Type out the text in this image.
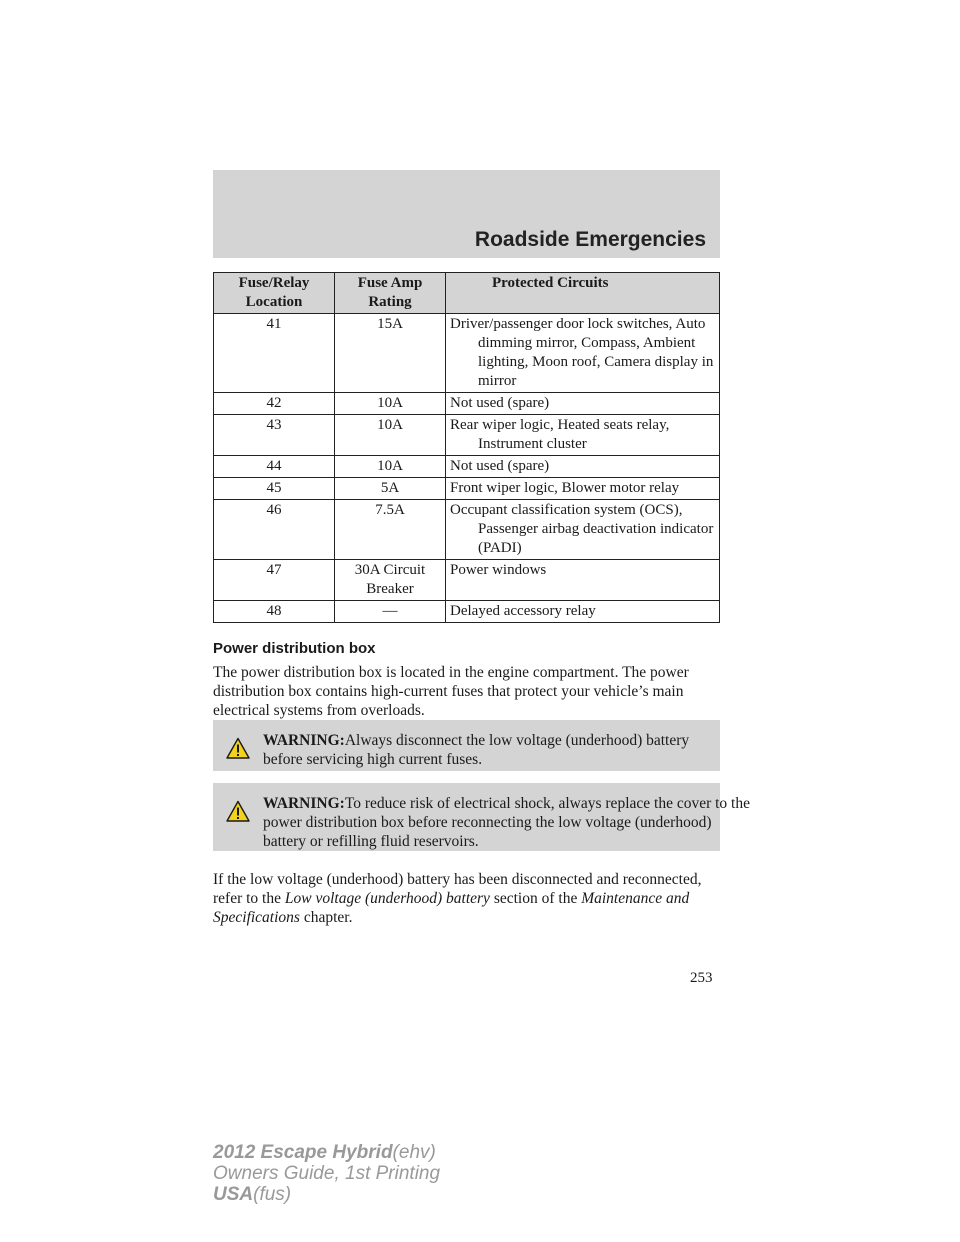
Roadside Emergencies
Fuse/Relay Location	Fuse Amp Rating	Protected Circuits
41	15A	Driver/passenger door lock switches, Auto dimming mirror, Compass, Ambient lighting, Moon roof, Camera display in mirror

42	10A	Not used (spare)

43	10A	Rear wiper logic, Heated seats relay, Instrument cluster

44	10A	Not used (spare)

45	5A	Front wiper logic, Blower motor relay

46	7.5A	Occupant classification system (OCS), Passenger airbag deactivation indicator (PADI)

47	30A Circuit Breaker	Power windows

48	—	Delayed accessory relay
Power distribution box
The power distribution box is located in the engine compartment. The power distribution box contains high-current fuses that protect your vehicle’s main electrical systems from overloads.
WARNING:Always disconnect the low voltage (underhood) battery before servicing high current fuses.
WARNING:To reduce risk of electrical shock, always replace the cover to the power distribution box before reconnecting the low voltage (underhood) battery or refilling fluid reservoirs.
If the low voltage (underhood) battery has been disconnected and reconnected, refer to the Low voltage (underhood) battery section of the Maintenance and Specifications chapter.
253
2012 Escape Hybrid(ehv)
Owners Guide, 1st Printing
USA(fus)
